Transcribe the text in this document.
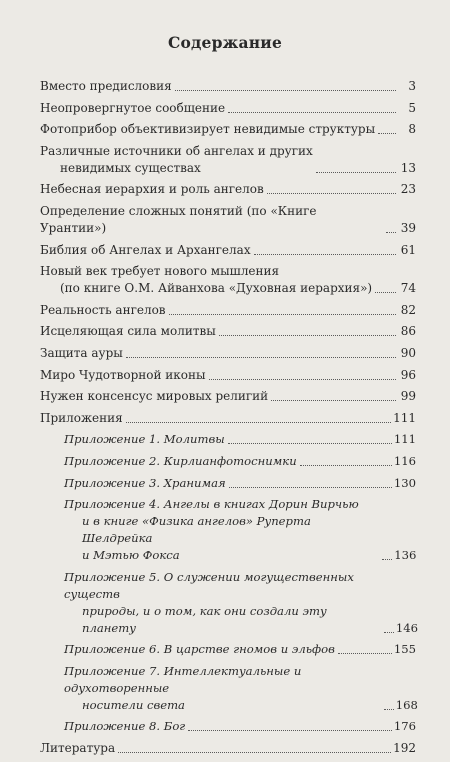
Содержание
Вместо предисловия	3
Неопровергнутое сообщение	5
Фотоприбор объективизирует невидимые структуры	8
Различные источники об ангелах и других
невидимых существах	13
Небесная иерархия и роль ангелов	23
Определение сложных понятий (по «Книге Урантии»)	39
Библия об Ангелах и Архангелах	61
Новый век требует нового мышления
(по книге О.М. Айванхова «Духовная иерархия») 74
Реальность ангелов	82
Исцеляющая сила молитвы	86
Защита ауры	90
Миро Чудотворной иконы	96
Нужен консенсус мировых религий	99
Приложения	111
Приложение 1. Молитвы	111
Приложение 2. Кирлианфотоснимки	116
Приложение 3. Хранимая	130
Приложение 4. Ангелы в книгах Дорин Вирчью
и в книге «Физика ангелов» Руперта Шелдрейка
и Мэтью Фокса	136
Приложение 5. О служении могущественных существ
природы, и о том, как они создали эту планету	146
Приложение 6. В царстве гномов и эльфов	155
Приложение 7. Интеллектуальные и одухотворенные
носители света	168
Приложение 8. Бог	176
Литература	192
